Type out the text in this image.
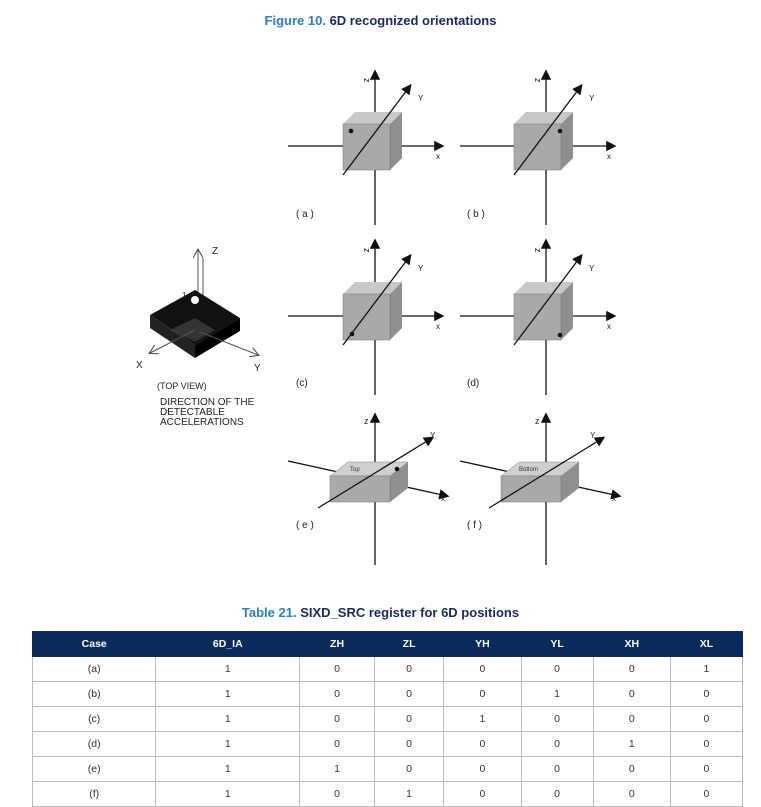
Figure 10. 6D recognized orientations
Z
1
X	Y
(TOP VIEW)
DIRECTION OF THE
DETECTABLE
ACCELERATIONS
z
Y
x
( a )
z
Y
x
( b )
z
Y
x
(c)
z
Y
x
(d)
Top
z
Y
x
( e )
Bottom
z
Y
x
( f )
Table 21. SIXD_SRC register for 6D positions
Case	6D_IA	ZH	ZL	YH	YL	XH	XL
(a)	1	0	0	0	0	0	1
(b)	1	0	0	0	1	0	0
(c)	1	0	0	1	0	0	0
(d)	1	0	0	0	0	1	0
(e)	1	1	0	0	0	0	0
(f)	1	0	1	0	0	0	0
